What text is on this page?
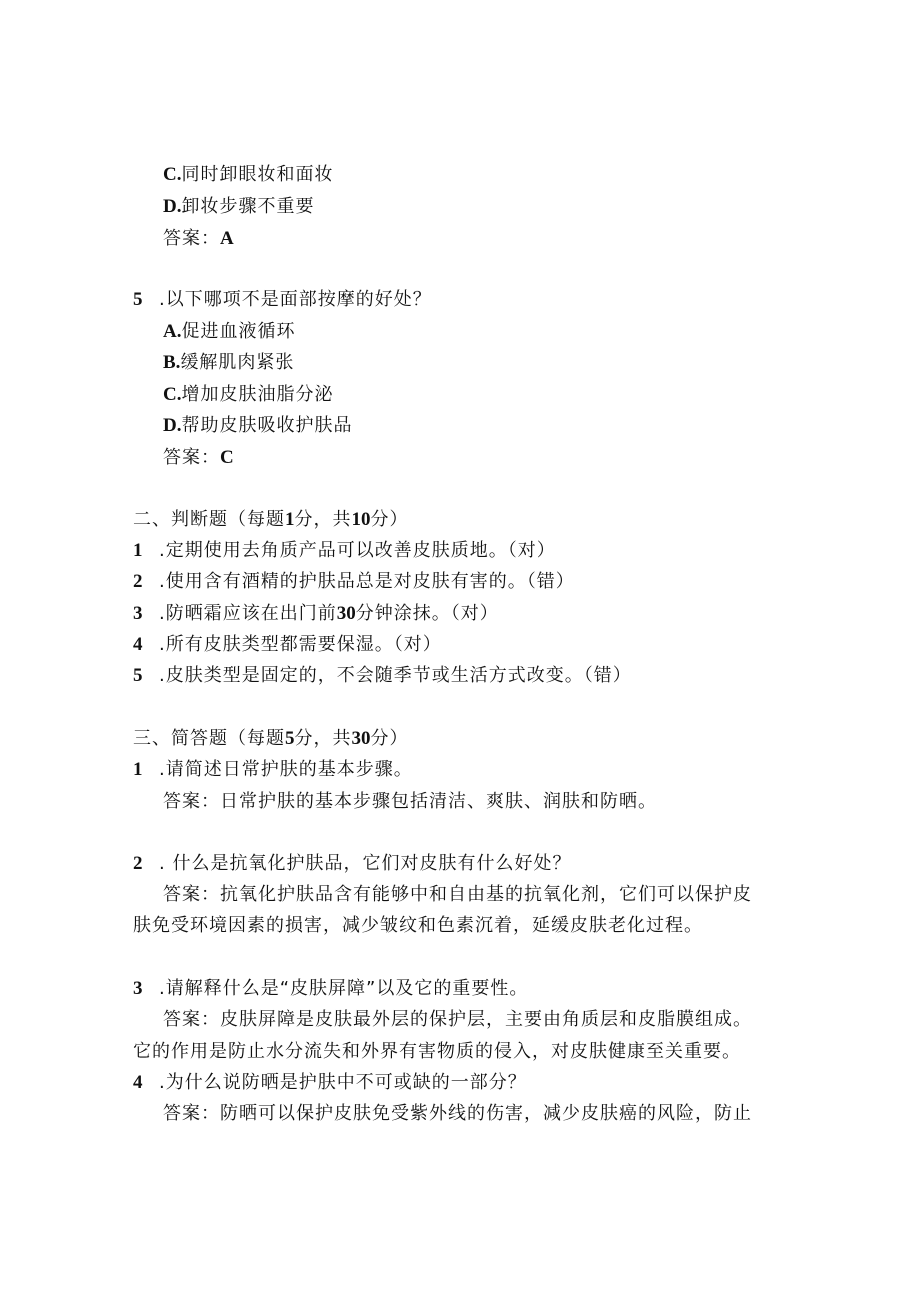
C.同时卸眼妆和面妆
D.卸妆步骤不重要
答案：A
5 .以下哪项不是面部按摩的好处？
A.促进血液循环
B.缓解肌肉紧张
C.增加皮肤油脂分泌
D.帮助皮肤吸收护肤品
答案：C
二、判断题（每题1分，共10分）
1 .定期使用去角质产品可以改善皮肤质地。（对）
2 .使用含有酒精的护肤品总是对皮肤有害的。（错）
3 .防晒霜应该在出门前30分钟涂抹。（对）
4 .所有皮肤类型都需要保湿。（对）
5 .皮肤类型是固定的，不会随季节或生活方式改变。（错）
三、简答题（每题5分，共30分）
1 .请简述日常护肤的基本步骤。
答案：日常护肤的基本步骤包括清洁、爽肤、润肤和防晒。
2 . 什么是抗氧化护肤品，它们对皮肤有什么好处？
答案：抗氧化护肤品含有能够中和自由基的抗氧化剂，它们可以保护皮
肤免受环境因素的损害，减少皱纹和色素沉着，延缓皮肤老化过程。
3 .请解释什么是“皮肤屏障”以及它的重要性。
答案：皮肤屏障是皮肤最外层的保护层，主要由角质层和皮脂膜组成。
它的作用是防止水分流失和外界有害物质的侵入，对皮肤健康至关重要。
4 .为什么说防晒是护肤中不可或缺的一部分？
答案：防晒可以保护皮肤免受紫外线的伤害，减少皮肤癌的风险，防止
